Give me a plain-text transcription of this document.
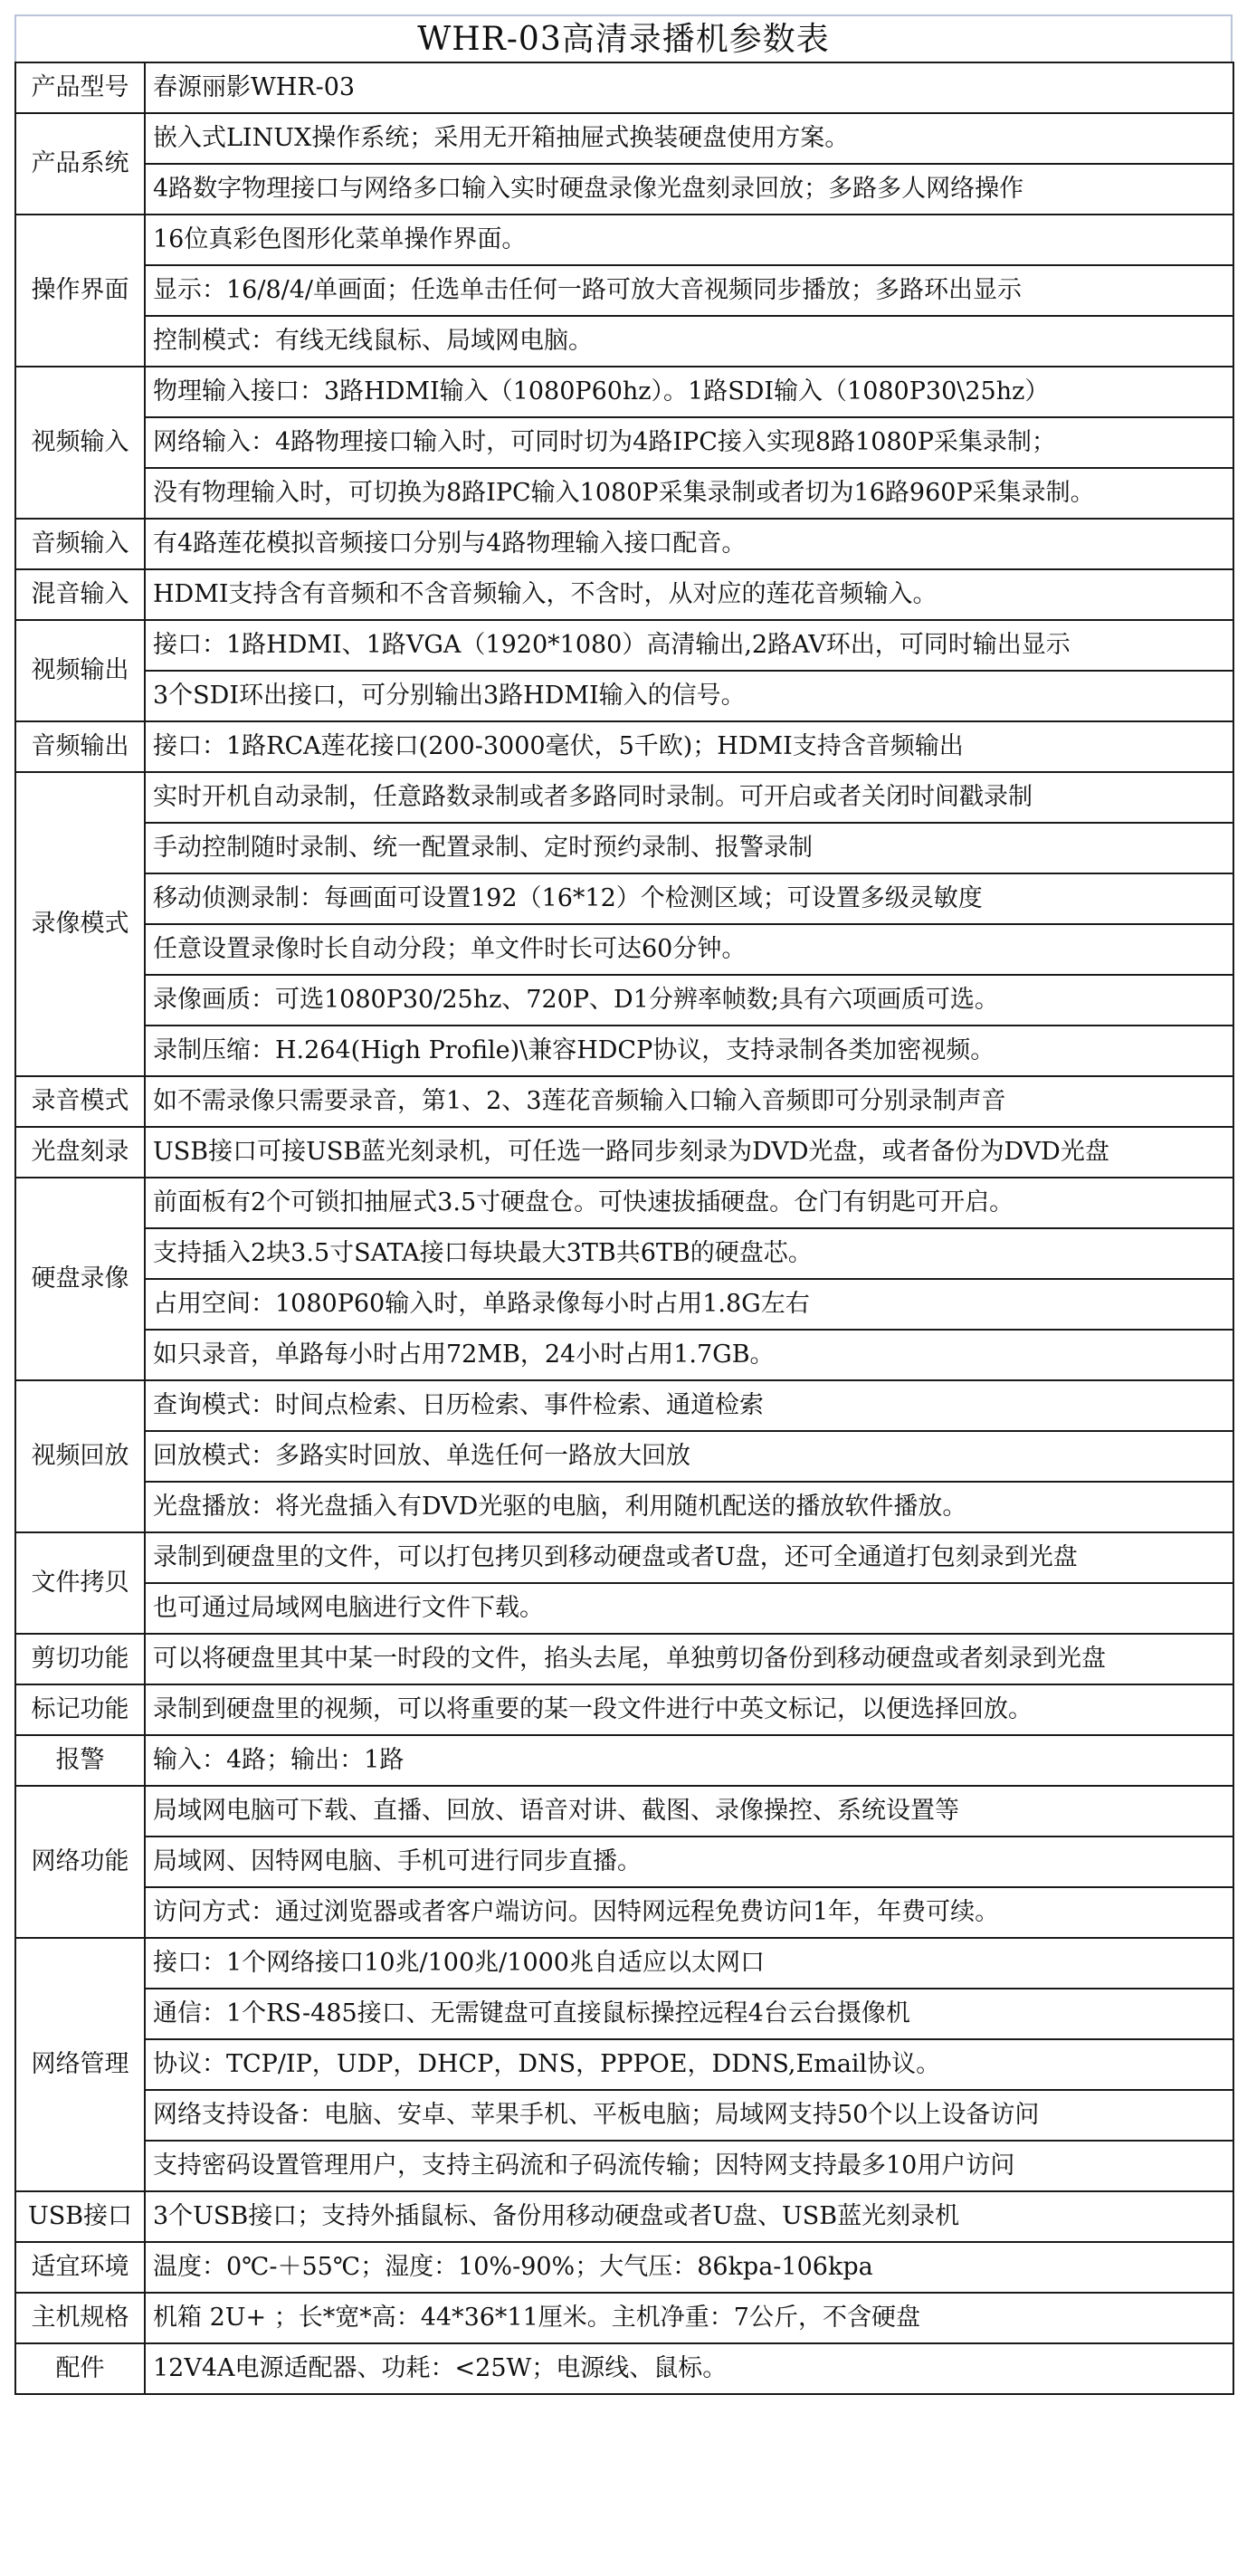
WHR-03高清录播机参数表
产品型号	春源丽影WHR-03
产品系统	嵌入式LINUX操作系统；采用无开箱抽屉式换装硬盘使用方案。
	4路数字物理接口与网络多口输入实时硬盘录像光盘刻录回放；多路多人网络操作
操作界面	16位真彩色图形化菜单操作界面。
	显示：16/8/4/单画面；任选单击任何一路可放大音视频同步播放；多路环出显示
	控制模式：有线无线鼠标、局域网电脑。
视频输入	物理输入接口：3路HDMI输入（1080P60hz）。1路SDI输入（1080P30\25hz）
	网络输入：4路物理接口输入时，可同时切为4路IPC接入实现8路1080P采集录制；
	没有物理输入时，可切换为8路IPC输入1080P采集录制或者切为16路960P采集录制。
音频输入	有4路莲花模拟音频接口分别与4路物理输入接口配音。
混音输入	HDMI支持含有音频和不含音频输入，不含时，从对应的莲花音频输入。
视频输出	接口：1路HDMI、1路VGA（1920*1080）高清输出,2路AV环出，可同时输出显示
	3个SDI环出接口，可分别输出3路HDMI输入的信号。
音频输出	接口：1路RCA莲花接口(200-3000毫伏，5千欧)；HDMI支持含音频输出
录像模式	实时开机自动录制，任意路数录制或者多路同时录制。可开启或者关闭时间戳录制
	手动控制随时录制、统一配置录制、定时预约录制、报警录制
	移动侦测录制：每画面可设置192（16*12）个检测区域；可设置多级灵敏度
	任意设置录像时长自动分段；单文件时长可达60分钟。
	录像画质：可选1080P30/25hz、720P、D1分辨率帧数;具有六项画质可选。
	录制压缩：H.264(High Profile)\兼容HDCP协议，支持录制各类加密视频。
录音模式	如不需录像只需要录音，第1、2、3莲花音频输入口输入音频即可分别录制声音
光盘刻录	USB接口可接USB蓝光刻录机，可任选一路同步刻录为DVD光盘，或者备份为DVD光盘
硬盘录像	前面板有2个可锁扣抽屉式3.5寸硬盘仓。可快速拔插硬盘。仓门有钥匙可开启。
	支持插入2块3.5寸SATA接口每块最大3TB共6TB的硬盘芯。
	占用空间：1080P60输入时，单路录像每小时占用1.8G左右
	如只录音，单路每小时占用72MB，24小时占用1.7GB。
视频回放	查询模式：时间点检索、日历检索、事件检索、通道检索
	回放模式：多路实时回放、单选任何一路放大回放
	光盘播放：将光盘插入有DVD光驱的电脑，利用随机配送的播放软件播放。
文件拷贝	录制到硬盘里的文件，可以打包拷贝到移动硬盘或者U盘，还可全通道打包刻录到光盘
	也可通过局域网电脑进行文件下载。
剪切功能	可以将硬盘里其中某一时段的文件，掐头去尾，单独剪切备份到移动硬盘或者刻录到光盘
标记功能	录制到硬盘里的视频，可以将重要的某一段文件进行中英文标记，以便选择回放。
报警	输入：4路；输出：1路
网络功能	局域网电脑可下载、直播、回放、语音对讲、截图、录像操控、系统设置等
	局域网、因特网电脑、手机可进行同步直播。
	访问方式：通过浏览器或者客户端访问。因特网远程免费访问1年，年费可续。
网络管理	接口：1个网络接口10兆/100兆/1000兆自适应以太网口
	通信：1个RS-485接口、无需键盘可直接鼠标操控远程4台云台摄像机
	协议：TCP/IP，UDP，DHCP，DNS，PPPOE，DDNS,Email协议。
	网络支持设备：电脑、安卓、苹果手机、平板电脑；局域网支持50个以上设备访问
	支持密码设置管理用户，支持主码流和子码流传输；因特网支持最多10用户访问
USB接口	3个USB接口；支持外插鼠标、备份用移动硬盘或者U盘、USB蓝光刻录机
适宜环境	温度：0℃-＋55℃；湿度：10%-90%；大气压：86kpa-106kpa
主机规格	机箱 2U+ ；长*宽*高：44*36*11厘米。主机净重：7公斤，不含硬盘
配件	12V4A电源适配器、功耗：<25W；电源线、鼠标。
